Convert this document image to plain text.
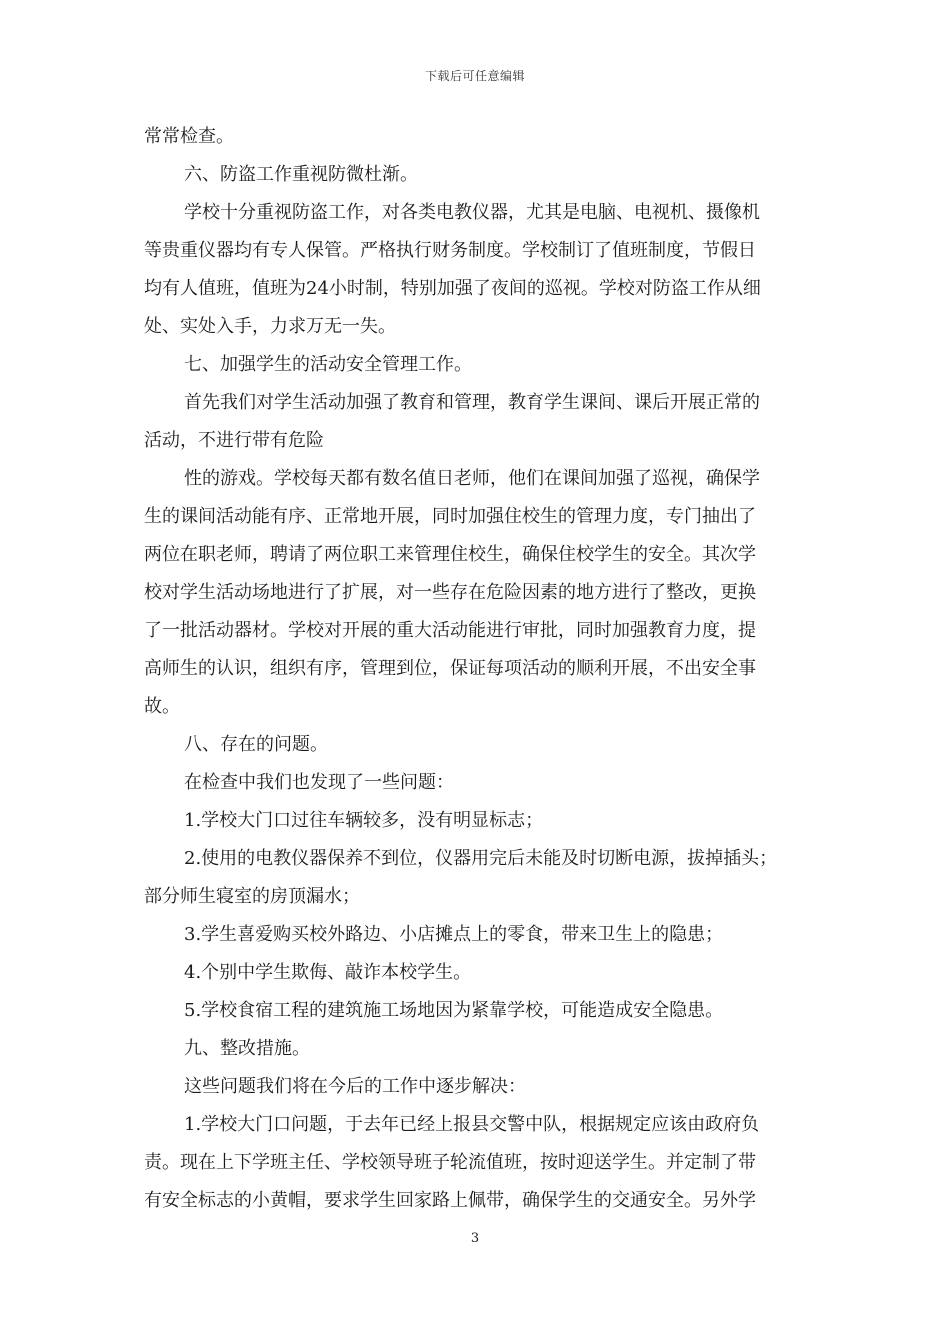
下载后可任意编辑
常常检查。
六、防盗工作重视防微杜渐。
学校十分重视防盗工作，对各类电教仪器，尤其是电脑、电视机、摄像机
等贵重仪器均有专人保管。严格执行财务制度。学校制订了值班制度，节假日
均有人值班，值班为24小时制，特别加强了夜间的巡视。学校对防盗工作从细
处、实处入手，力求万无一失。
七、加强学生的活动安全管理工作。
首先我们对学生活动加强了教育和管理，教育学生课间、课后开展正常的
活动，不进行带有危险
性的游戏。学校每天都有数名值日老师，他们在课间加强了巡视，确保学
生的课间活动能有序、正常地开展，同时加强住校生的管理力度，专门抽出了
两位在职老师，聘请了两位职工来管理住校生，确保住校学生的安全。其次学
校对学生活动场地进行了扩展，对一些存在危险因素的地方进行了整改，更换
了一批活动器材。学校对开展的重大活动能进行审批，同时加强教育力度，提
高师生的认识，组织有序，管理到位，保证每项活动的顺利开展，不出安全事
故。
八、存在的问题。
在检查中我们也发现了一些问题：
1.学校大门口过往车辆较多，没有明显标志；
2.使用的电教仪器保养不到位，仪器用完后未能及时切断电源，拔掉插头；
部分师生寝室的房顶漏水；
3.学生喜爱购买校外路边、小店摊点上的零食，带来卫生上的隐患；
4.个别中学生欺侮、敲诈本校学生。
5.学校食宿工程的建筑施工场地因为紧靠学校，可能造成安全隐患。
九、整改措施。
这些问题我们将在今后的工作中逐步解决：
1.学校大门口问题，于去年已经上报县交警中队，根据规定应该由政府负
责。现在上下学班主任、学校领导班子轮流值班，按时迎送学生。并定制了带
有安全标志的小黄帽，要求学生回家路上佩带，确保学生的交通安全。另外学
3
